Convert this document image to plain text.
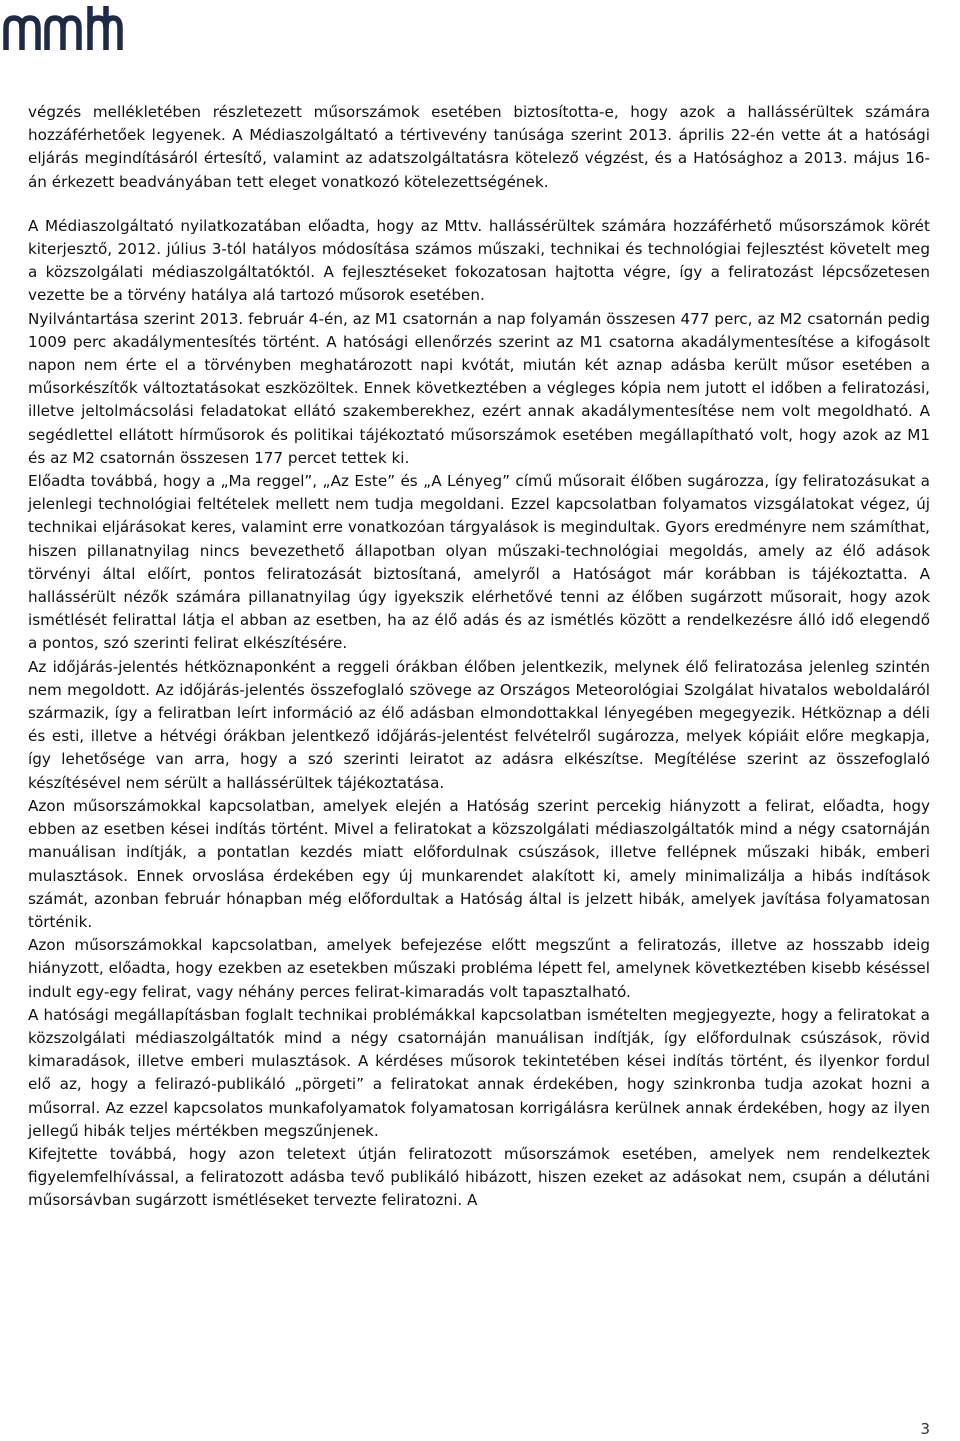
végzés mellékletében részletezett műsorszámok esetében biztosította-e, hogy azok a hallássérültek számára hozzáférhetőek legyenek. A Médiaszolgáltató a tértivevény tanúsága szerint 2013. április 22-én vette át a hatósági eljárás megindításáról értesítő, valamint az adatszolgáltatásra kötelező végzést, és a Hatósághoz a 2013. május 16-án érkezett beadványában tett eleget vonatkozó kötelezettségének.

A Médiaszolgáltató nyilatkozatában előadta, hogy az Mttv. hallássérültek számára hozzáférhető műsorszámok körét kiterjesztő, 2012. július 3-tól hatályos módosítása számos műszaki, technikai és technológiai fejlesztést követelt meg a közszolgálati médiaszolgáltatóktól. A fejlesztéseket fokozatosan hajtotta végre, így a feliratozást lépcsőzetesen vezette be a törvény hatálya alá tartozó műsorok esetében.

Nyilvántartása szerint 2013. február 4-én, az M1 csatornán a nap folyamán összesen 477 perc, az M2 csatornán pedig 1009 perc akadálymentesítés történt. A hatósági ellenőrzés szerint az M1 csatorna akadálymentesítése a kifogásolt napon nem érte el a törvényben meghatározott napi kvótát, miután két aznap adásba került műsor esetében a műsorkészítők változtatásokat eszközöltek. Ennek következtében a végleges kópia nem jutott el időben a feliratozási, illetve jeltolmácsolási feladatokat ellátó szakemberekhez, ezért annak akadálymentesítése nem volt megoldható. A segédlettel ellátott hírműsorok és politikai tájékoztató műsorszámok esetében megállapítható volt, hogy azok az M1 és az M2 csatornán összesen 177 percet tettek ki.

Előadta továbbá, hogy a „Ma reggel”, „Az Este” és „A Lényeg” című műsorait élőben sugározza, így feliratozásukat a jelenlegi technológiai feltételek mellett nem tudja megoldani. Ezzel kapcsolatban folyamatos vizsgálatokat végez, új technikai eljárásokat keres, valamint erre vonatkozóan tárgyalások is megindultak. Gyors eredményre nem számíthat, hiszen pillanatnyilag nincs bevezethető állapotban olyan műszaki-technológiai megoldás, amely az élő adások törvényi által előírt, pontos feliratozását biztosítaná, amelyről a Hatóságot már korábban is tájékoztatta. A hallássérült nézők számára pillanatnyilag úgy igyekszik elérhetővé tenni az élőben sugárzott műsorait, hogy azok ismétlését felirattal látja el abban az esetben, ha az élő adás és az ismétlés között a rendelkezésre álló idő elegendő a pontos, szó szerinti felirat elkészítésére.

Az időjárás-jelentés hétköznaponként a reggeli órákban élőben jelentkezik, melynek élő feliratozása jelenleg szintén nem megoldott. Az időjárás-jelentés összefoglaló szövege az Országos Meteorológiai Szolgálat hivatalos weboldaláról származik, így a feliratban leírt információ az élő adásban elmondottakkal lényegében megegyezik. Hétköznap a déli és esti, illetve a hétvégi órákban jelentkező időjárás-jelentést felvételről sugározza, melyek kópiáit előre megkapja, így lehetősége van arra, hogy a szó szerinti leiratot az adásra elkészítse. Megítélése szerint az összefoglaló készítésével nem sérült a hallássérültek tájékoztatása.

Azon műsorszámokkal kapcsolatban, amelyek elején a Hatóság szerint percekig hiányzott a felirat, előadta, hogy ebben az esetben kései indítás történt. Mivel a feliratokat a közszolgálati médiaszolgáltatók mind a négy csatornáján manuálisan indítják, a pontatlan kezdés miatt előfordulnak csúszások, illetve fellépnek műszaki hibák, emberi mulasztások. Ennek orvoslása érdekében egy új munkarendet alakított ki, amely minimalizálja a hibás indítások számát, azonban február hónapban még előfordultak a Hatóság által is jelzett hibák, amelyek javítása folyamatosan történik.

Azon műsorszámokkal kapcsolatban, amelyek befejezése előtt megszűnt a feliratozás, illetve az hosszabb ideig hiányzott, előadta, hogy ezekben az esetekben műszaki probléma lépett fel, amelynek következtében kisebb késéssel indult egy-egy felirat, vagy néhány perces felirat-kimaradás volt tapasztalható.

A hatósági megállapításban foglalt technikai problémákkal kapcsolatban ismételten megjegyezte, hogy a feliratokat a közszolgálati médiaszolgáltatók mind a négy csatornáján manuálisan indítják, így előfordulnak csúszások, rövid kimaradások, illetve emberi mulasztások. A kérdéses műsorok tekintetében kései indítás történt, és ilyenkor fordul elő az, hogy a felirazó-publikáló „pörgeti” a feliratokat annak érdekében, hogy szinkronba tudja azokat hozni a műsorral. Az ezzel kapcsolatos munkafolyamatok folyamatosan korrigálásra kerülnek annak érdekében, hogy az ilyen jellegű hibák teljes mértékben megszűnjenek.

Kifejtette továbbá, hogy azon teletext útján feliratozott műsorszámok esetében, amelyek nem rendelkeztek figyelemfelhívással, a feliratozott adásba tevő publikáló hibázott, hiszen ezeket az adásokat nem, csupán a délutáni műsorsávban sugárzott ismétléseket tervezte feliratozni. A

3
